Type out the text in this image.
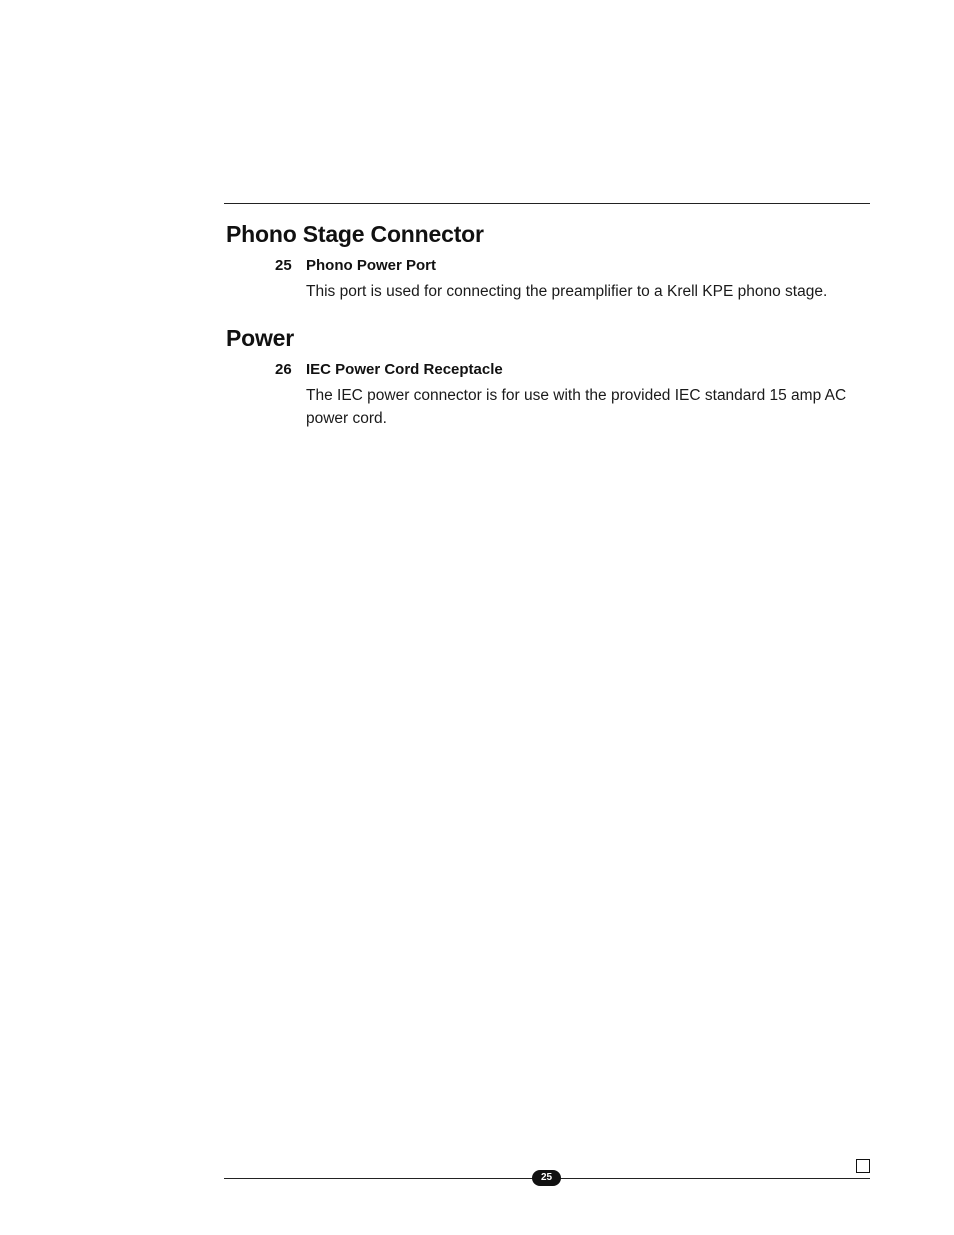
Phono Stage Connector
25 Phono Power Port
This port is used for connecting the preamplifier to a Krell KPE phono stage.
Power
26 IEC Power Cord Receptacle
The IEC power connector is for use with the provided IEC standard 15 amp AC power cord.
25
